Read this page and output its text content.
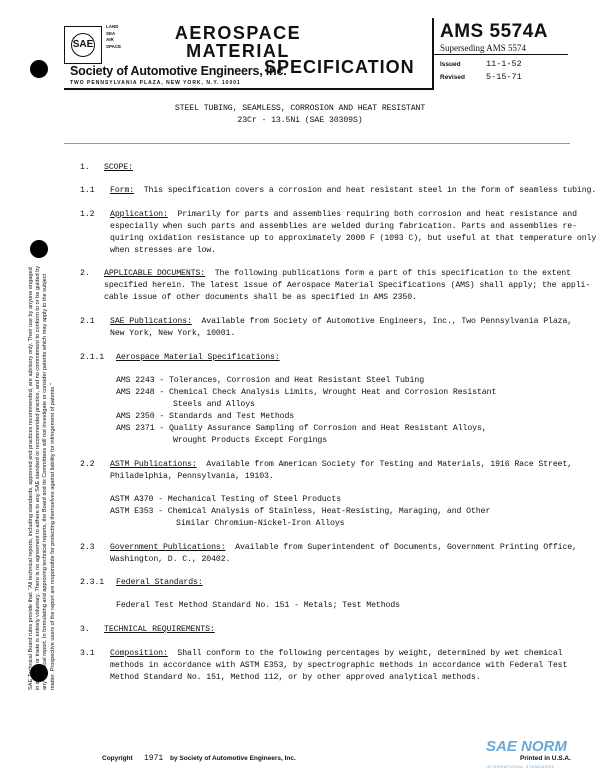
SAE Technical Board rules provide that: "All technical reports, including standards, approved and practices recommended, are advisory only. Their use by anyone engaged in industry or trade is entirely voluntary. There is no agreement to adhere to any SAE standard or recommended practice, and no commitment to conform to or be guided by any technical report. In formulating and approving technical reports, the Board and its Committees will not investigate or consider patents which may apply to the subject matter. Prospective users of the report are responsible for protecting themselves against liability for infringement of patents."
SAE
LAND
SEA
AIR
SPACE
AEROSPACE
MATERIAL
SPECIFICATION
Society of Automotive Engineers, Inc.
TWO PENNSYLVANIA PLAZA, NEW YORK, N.Y. 10001
AMS 5574A
Superseding AMS 5574
Issued	11-1-52
Revised 5-15-71
STEEL TUBING, SEAMLESS, CORROSION AND HEAT RESISTANT
23Cr - 13.5Ni (SAE 30309S)
1. SCOPE:
1.1 Form: This specification covers a corrosion and heat resistant steel in the form of seamless tubing.
1.2 Application: Primarily for parts and assemblies requiring both corrosion and heat resistance and
especially when such parts and assemblies are welded during fabrication. Parts and assemblies re-
quiring oxidation resistance up to approximately 2000 F (1093 C), but useful at that temperature only
when stresses are low.
2. APPLICABLE DOCUMENTS: The following publications form a part of this specification to the extent
specified herein. The latest issue of Aerospace Material Specifications (AMS) shall apply; the appli-
cable issue of other documents shall be as specified in AMS 2350.
2.1 SAE Publications: Available from Society of Automotive Engineers, Inc., Two Pennsylvania Plaza,
New York, New York, 10001.
2.1.1 Aerospace Material Specifications:
AMS 2243 - Tolerances, Corrosion and Heat Resistant Steel Tubing
AMS 2248 - Chemical Check Analysis Limits, Wrought Heat and Corrosion Resistant
Steels and Alloys
AMS 2350 - Standards and Test Methods
AMS 2371 - Quality Assurance Sampling of Corrosion and Heat Resistant Alloys,
Wrought Products Except Forgings
2.2 ASTM Publications: Available from American Society for Testing and Materials, 1916 Race Street,
Philadelphia, Pennsylvania, 19103.
ASTM A370 - Mechanical Testing of Steel Products
ASTM E353 - Chemical Analysis of Stainless, Heat-Resisting, Maraging, and Other
Similar Chromium-Nickel-Iron Alloys
2.3 Government Publications: Available from Superintendent of Documents, Government Printing Office,
Washington, D. C., 20402.
2.3.1 Federal Standards:
Federal Test Method Standard No. 151 - Metals; Test Methods
3. TECHNICAL REQUIREMENTS:
3.1 Composition: Shall conform to the following percentages by weight, determined by wet chemical
methods in accordance with ASTM E353, by spectrographic methods in accordance with Federal Test
Method Standard No. 151, Method 112, or by other approved analytical methods.
Copyright 1971 by Society of Automotive Engineers, Inc.
SAE NORM
INTERNATIONAL STANDARDS
Printed in U.S.A.
